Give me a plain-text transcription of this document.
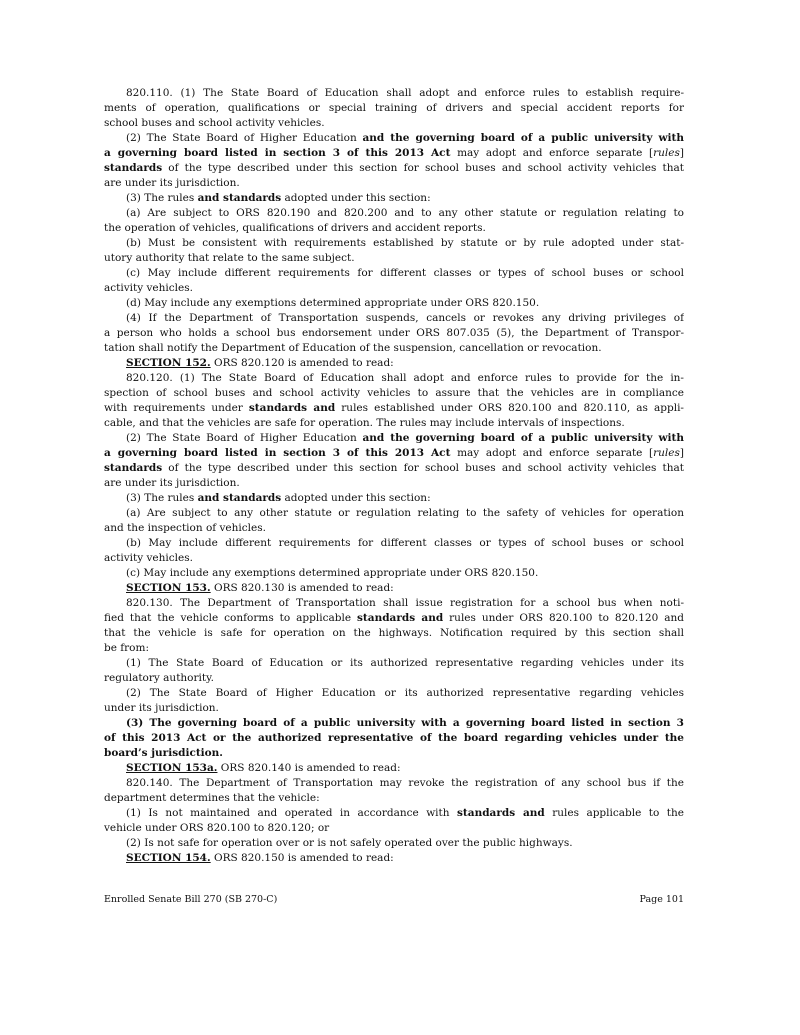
820.110. (1) The State Board of Education shall adopt and enforce rules to establish require-
ments of operation, qualifications or special training of drivers and special accident reports for
school buses and school activity vehicles.
(2) The State Board of Higher Education and the governing board of a public university with
a governing board listed in section 3 of this 2013 Act may adopt and enforce separate [rules]
standards of the type described under this section for school buses and school activity vehicles that
are under its jurisdiction.
(3) The rules and standards adopted under this section:
(a) Are subject to ORS 820.190 and 820.200 and to any other statute or regulation relating to
the operation of vehicles, qualifications of drivers and accident reports.
(b) Must be consistent with requirements established by statute or by rule adopted under stat-
utory authority that relate to the same subject.
(c) May include different requirements for different classes or types of school buses or school
activity vehicles.
(d) May include any exemptions determined appropriate under ORS 820.150.
(4) If the Department of Transportation suspends, cancels or revokes any driving privileges of
a person who holds a school bus endorsement under ORS 807.035 (5), the Department of Transpor-
tation shall notify the Department of Education of the suspension, cancellation or revocation.
SECTION 152. ORS 820.120 is amended to read:
820.120. (1) The State Board of Education shall adopt and enforce rules to provide for the in-
spection of school buses and school activity vehicles to assure that the vehicles are in compliance
with requirements under standards and rules established under ORS 820.100 and 820.110, as appli-
cable, and that the vehicles are safe for operation. The rules may include intervals of inspections.
(2) The State Board of Higher Education and the governing board of a public university with
a governing board listed in section 3 of this 2013 Act may adopt and enforce separate [rules]
standards of the type described under this section for school buses and school activity vehicles that
are under its jurisdiction.
(3) The rules and standards adopted under this section:
(a) Are subject to any other statute or regulation relating to the safety of vehicles for operation
and the inspection of vehicles.
(b) May include different requirements for different classes or types of school buses or school
activity vehicles.
(c) May include any exemptions determined appropriate under ORS 820.150.
SECTION 153. ORS 820.130 is amended to read:
820.130. The Department of Transportation shall issue registration for a school bus when noti-
fied that the vehicle conforms to applicable standards and rules under ORS 820.100 to 820.120 and
that the vehicle is safe for operation on the highways. Notification required by this section shall
be from:
(1) The State Board of Education or its authorized representative regarding vehicles under its
regulatory authority.
(2) The State Board of Higher Education or its authorized representative regarding vehicles
under its jurisdiction.
(3) The governing board of a public university with a governing board listed in section 3
of this 2013 Act or the authorized representative of the board regarding vehicles under the
board’s jurisdiction.
SECTION 153a. ORS 820.140 is amended to read:
820.140. The Department of Transportation may revoke the registration of any school bus if the
department determines that the vehicle:
(1) Is not maintained and operated in accordance with standards and rules applicable to the
vehicle under ORS 820.100 to 820.120; or
(2) Is not safe for operation over or is not safely operated over the public highways.
SECTION 154. ORS 820.150 is amended to read:
Enrolled Senate Bill 270 (SB 270-C)	Page 101
